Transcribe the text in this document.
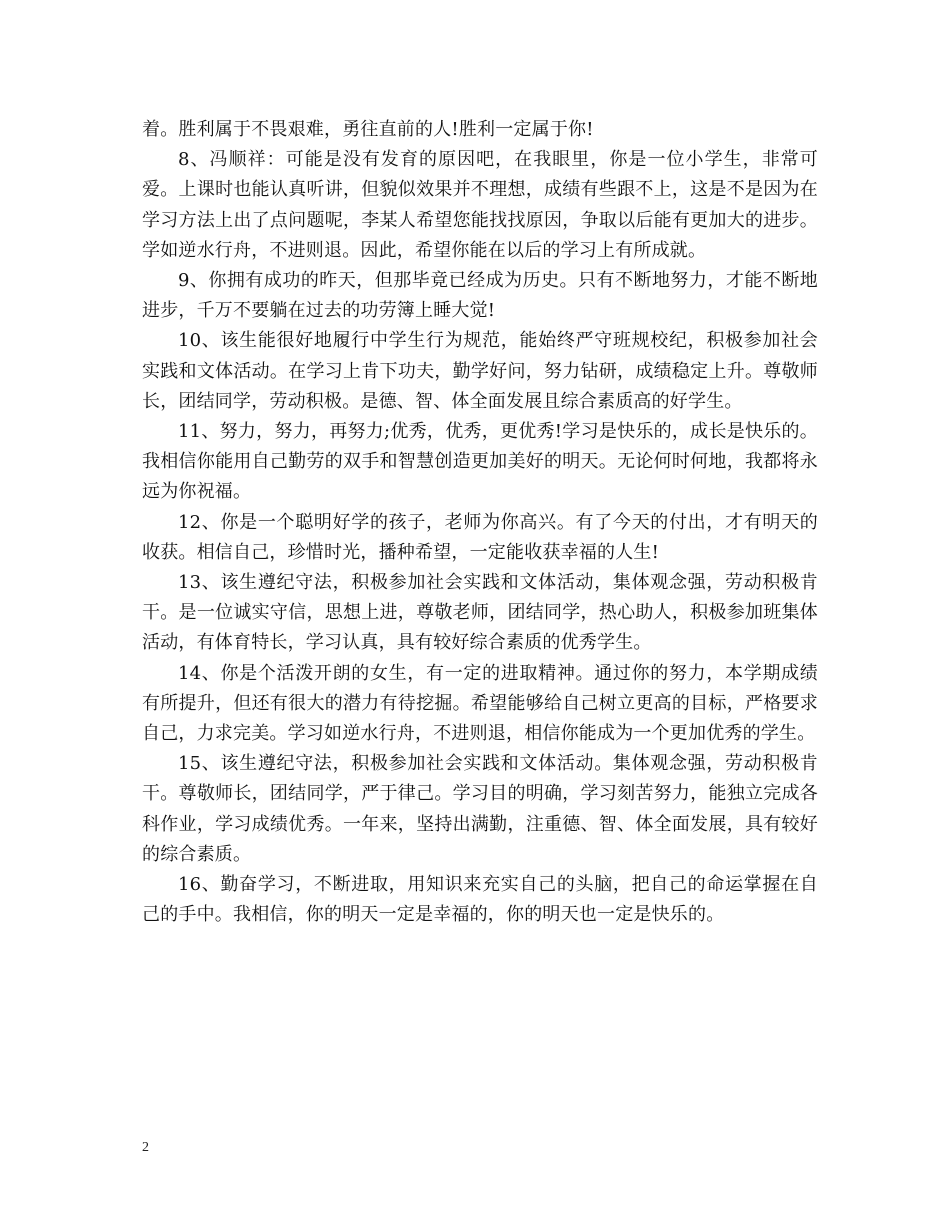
着。胜利属于不畏艰难，勇往直前的人!胜利一定属于你!

8、冯顺祥：可能是没有发育的原因吧，在我眼里，你是一位小学生，非常可爱。上课时也能认真听讲，但貌似效果并不理想，成绩有些跟不上，这是不是因为在学习方法上出了点问题呢，李某人希望您能找找原因，争取以后能有更加大的进步。学如逆水行舟，不进则退。因此，希望你能在以后的学习上有所成就。

9、你拥有成功的昨天，但那毕竟已经成为历史。只有不断地努力，才能不断地进步，千万不要躺在过去的功劳簿上睡大觉!

10、该生能很好地履行中学生行为规范，能始终严守班规校纪，积极参加社会实践和文体活动。在学习上肯下功夫，勤学好问，努力钻研，成绩稳定上升。尊敬师长，团结同学，劳动积极。是德、智、体全面发展且综合素质高的好学生。

11、努力，努力，再努力;优秀，优秀，更优秀!学习是快乐的，成长是快乐的。我相信你能用自己勤劳的双手和智慧创造更加美好的明天。无论何时何地，我都将永远为你祝福。

12、你是一个聪明好学的孩子，老师为你高兴。有了今天的付出，才有明天的收获。相信自己，珍惜时光，播种希望，一定能收获幸福的人生!

13、该生遵纪守法，积极参加社会实践和文体活动，集体观念强，劳动积极肯干。是一位诚实守信，思想上进，尊敬老师，团结同学，热心助人，积极参加班集体活动，有体育特长，学习认真，具有较好综合素质的优秀学生。

14、你是个活泼开朗的女生，有一定的进取精神。通过你的努力，本学期成绩有所提升，但还有很大的潜力有待挖掘。希望能够给自己树立更高的目标，严格要求自己，力求完美。学习如逆水行舟，不进则退，相信你能成为一个更加优秀的学生。

15、该生遵纪守法，积极参加社会实践和文体活动。集体观念强，劳动积极肯干。尊敬师长，团结同学，严于律己。学习目的明确，学习刻苦努力，能独立完成各科作业，学习成绩优秀。一年来，坚持出满勤，注重德、智、体全面发展，具有较好的综合素质。

16、勤奋学习，不断进取，用知识来充实自己的头脑，把自己的命运掌握在自己的手中。我相信，你的明天一定是幸福的，你的明天也一定是快乐的。

2
